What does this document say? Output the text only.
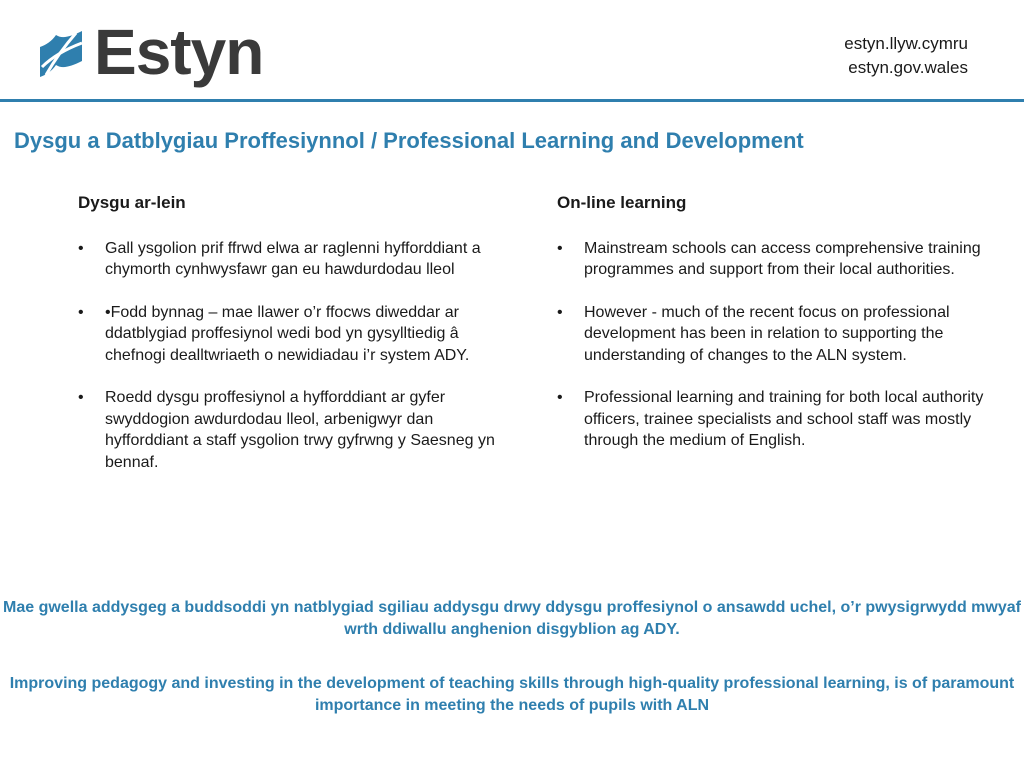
Estyn	estyn.llyw.cymru
estyn.gov.wales
Dysgu a Datblygiau Proffesiynnol / Professional Learning and Development
Dysgu ar-lein
• Gall ysgolion prif ffrwd elwa ar raglenni hyfforddiant a chymorth cynhwysfawr gan eu hawdurdodau lleol
• •Fodd bynnag – mae llawer o’r ffocws diweddar ar ddatblygiad proffesiynol wedi bod yn gysylltiedig â chefnogi dealltwriaeth o newidiadau i’r system ADY.
• Roedd dysgu proffesiynol a hyfforddiant ar gyfer swyddogion awdurdodau lleol, arbenigwyr dan hyfforddiant a staff ysgolion trwy gyfrwng y Saesneg yn bennaf.
On-line learning
• Mainstream schools can access comprehensive training programmes and support from their local authorities.
• However - much of the recent focus on professional development has been in relation to supporting the understanding of changes to the ALN system.
• Professional learning and training for both local authority officers, trainee specialists and school staff was mostly through the medium of English.
Mae gwella addysgeg a buddsoddi yn natblygiad sgiliau addysgu drwy ddysgu proffesiynol o ansawdd uchel, o’r pwysigrwydd mwyaf wrth ddiwallu anghenion disgyblion ag ADY.
Improving pedagogy and investing in the development of teaching skills through high-quality professional learning, is of paramount importance in meeting the needs of pupils with ALN
